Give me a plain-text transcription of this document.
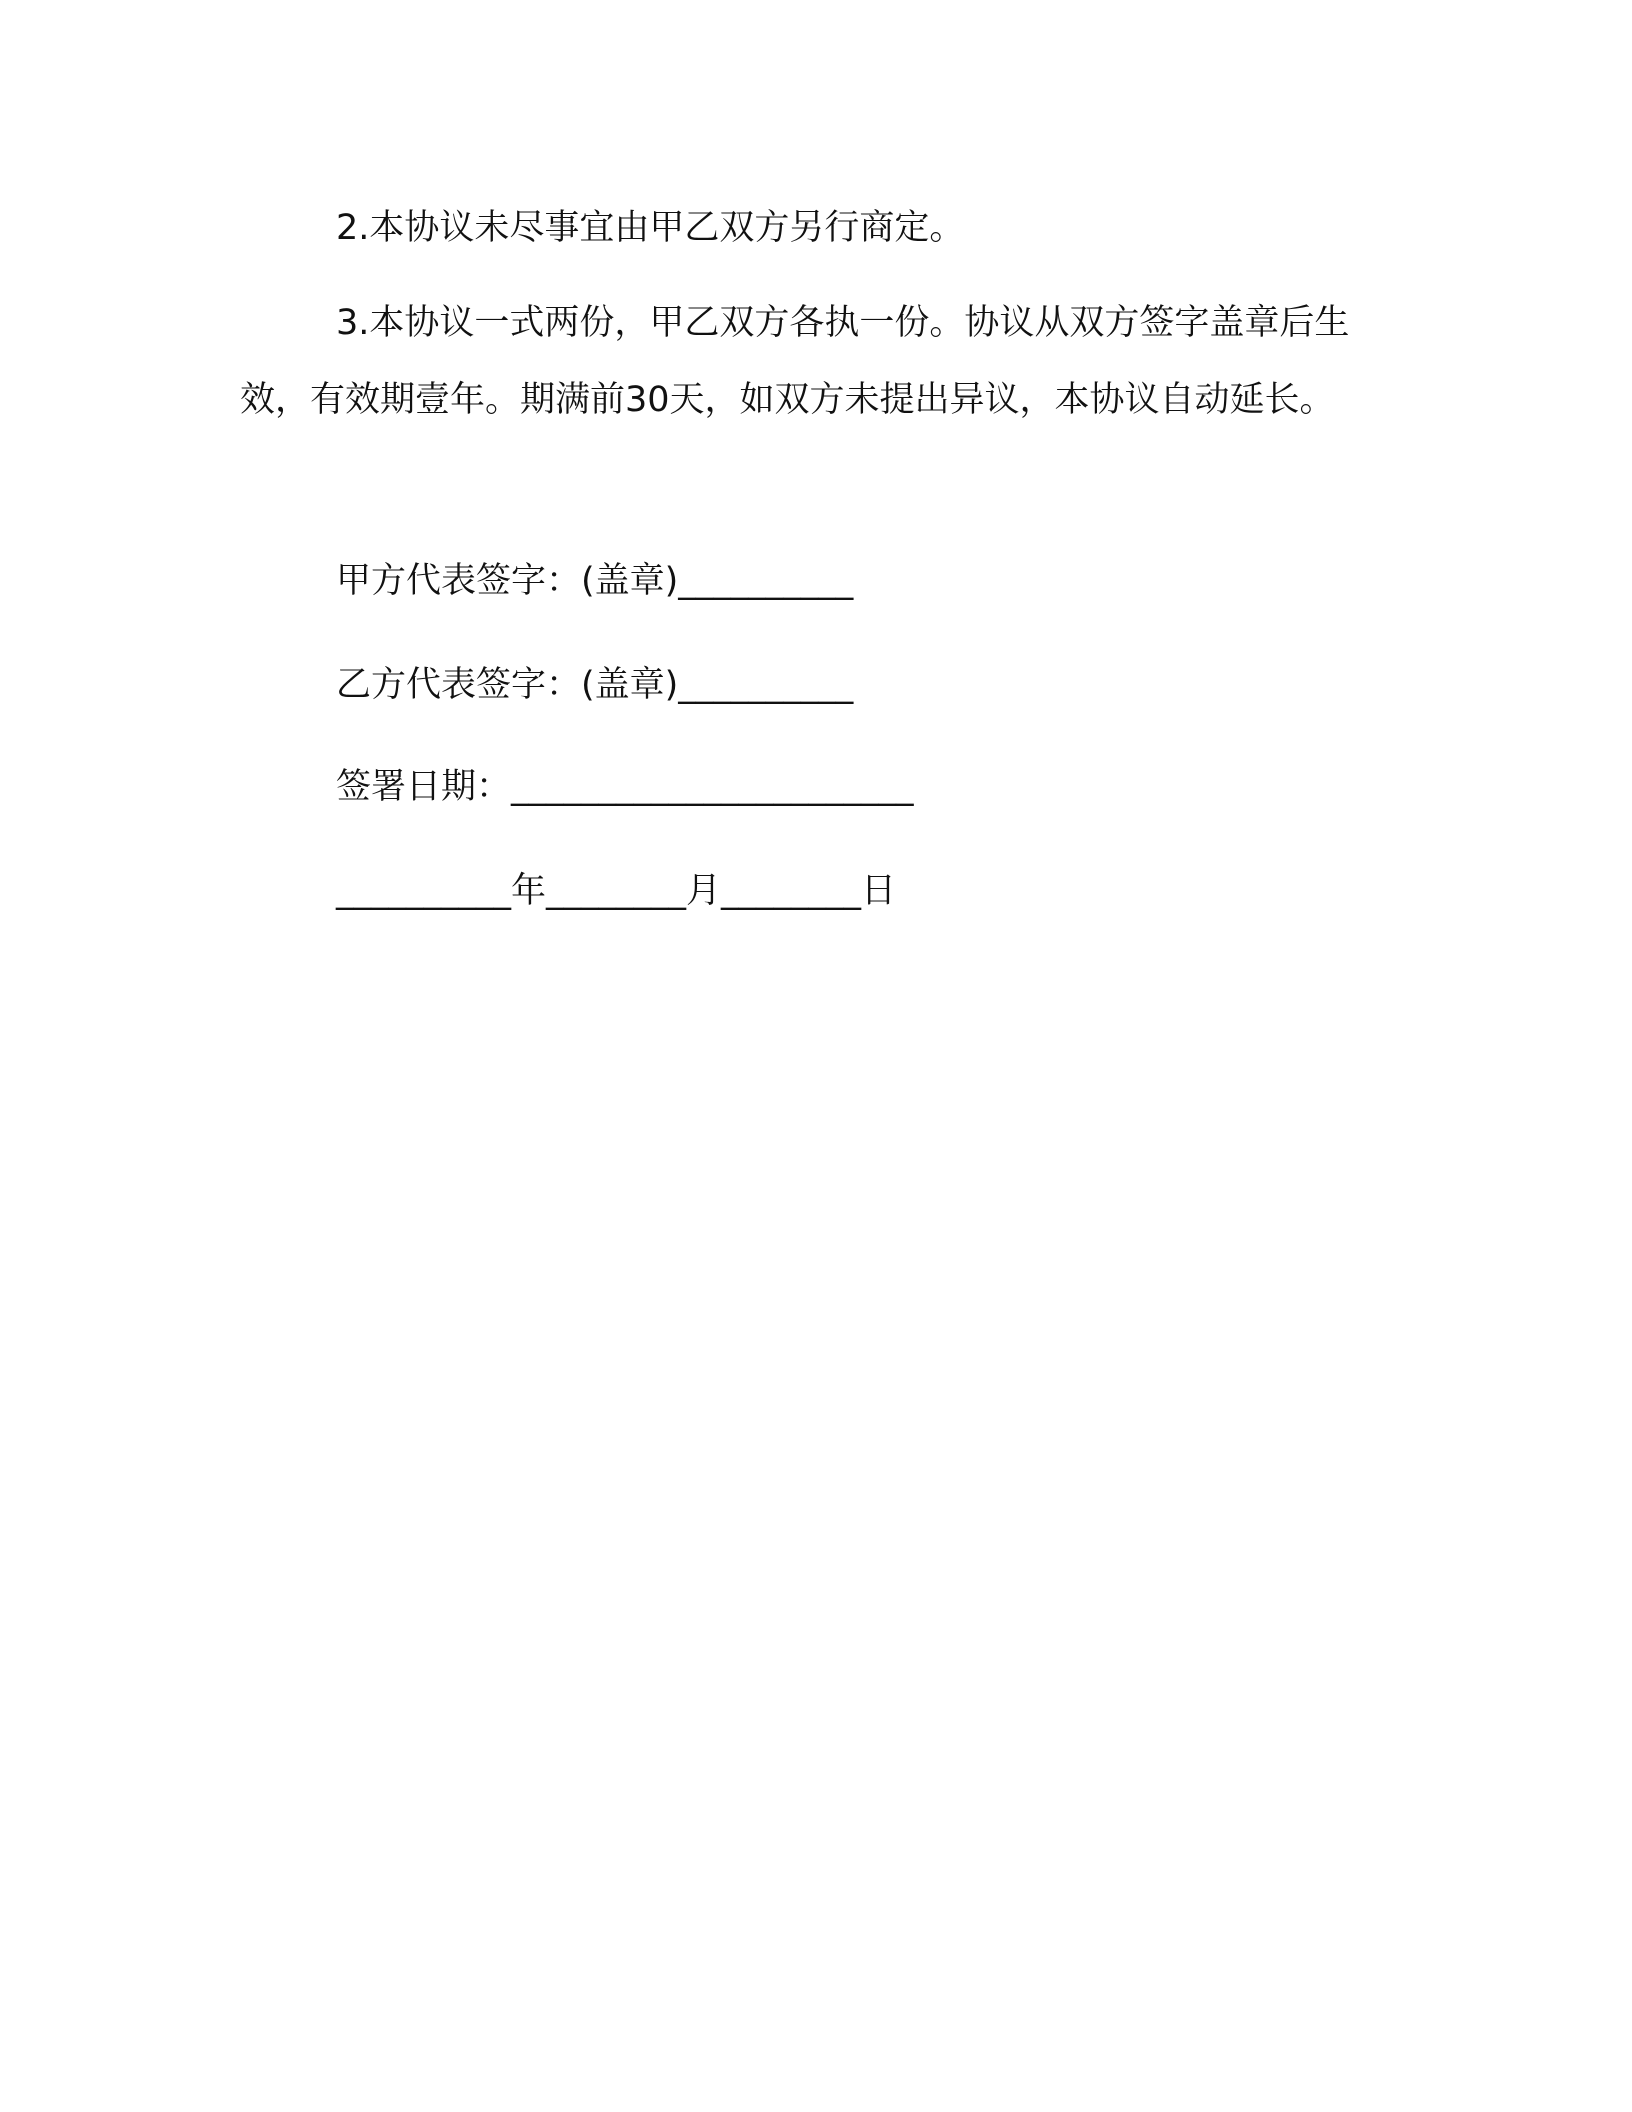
2.本协议未尽事宜由甲乙双方另行商定。

3.本协议一式两份，甲乙双方各执一份。协议从双方签字盖章后生效，有效期壹年。期满前30天，如双方未提出异议，本协议自动延长。

甲方代表签字：(盖章)__________

乙方代表签字：(盖章)__________

签署日期：_______________________

__________年________月________日
